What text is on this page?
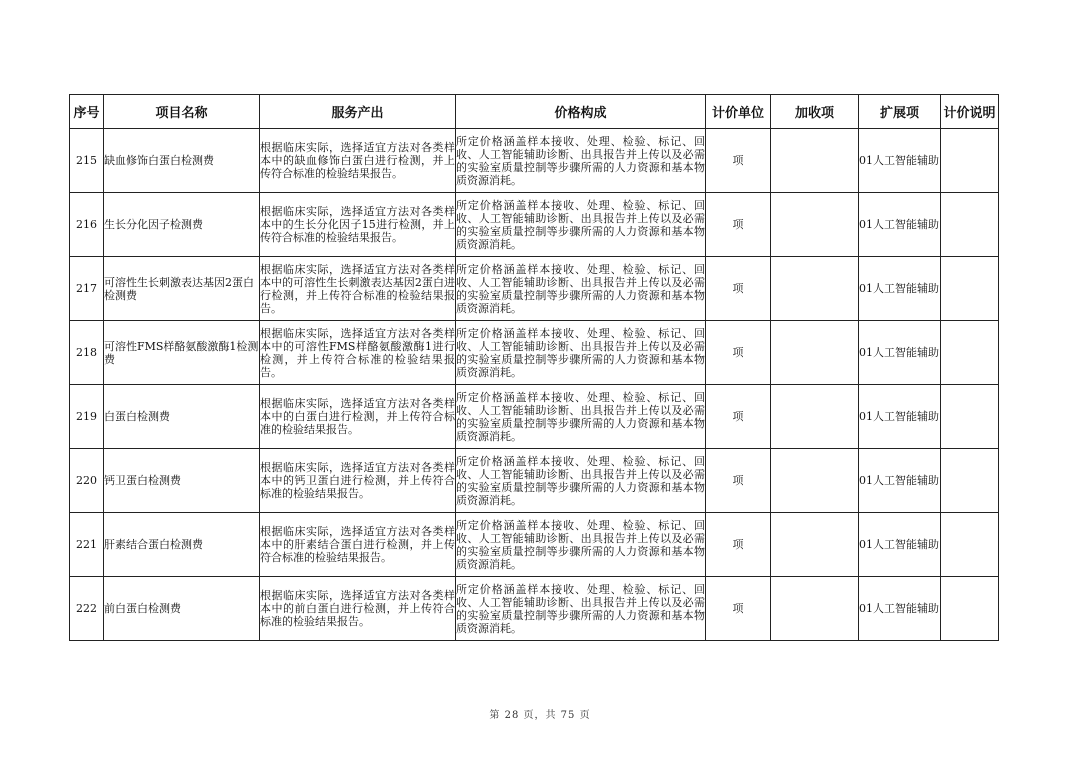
序号	项目名称	服务产出	价格构成	计价单位	加收项	扩展项	计价说明
215	缺血修饰白蛋白检测费	根据临床实际，选择适宜方法对各类样本中的缺血修饰白蛋白进行检测，并上传符合标准的检验结果报告。	所定价格涵盖样本接收、处理、检验、标记、回收、人工智能辅助诊断、出具报告并上传以及必需的实验室质量控制等步骤所需的人力资源和基本物质资源消耗。	项		01人工智能辅助	
216	生长分化因子检测费	根据临床实际，选择适宜方法对各类样本中的生长分化因子15进行检测，并上传符合标准的检验结果报告。	所定价格涵盖样本接收、处理、检验、标记、回收、人工智能辅助诊断、出具报告并上传以及必需的实验室质量控制等步骤所需的人力资源和基本物质资源消耗。	项		01人工智能辅助	
217	可溶性生长刺激表达基因2蛋白检测费	根据临床实际，选择适宜方法对各类样本中的可溶性生长刺激表达基因2蛋白进行检测，并上传符合标准的检验结果报告。	所定价格涵盖样本接收、处理、检验、标记、回收、人工智能辅助诊断、出具报告并上传以及必需的实验室质量控制等步骤所需的人力资源和基本物质资源消耗。	项		01人工智能辅助	
218	可溶性FMS样酪氨酸激酶1检测费	根据临床实际，选择适宜方法对各类样本中的可溶性FMS样酪氨酸激酶1进行检测，并上传符合标准的检验结果报告。	所定价格涵盖样本接收、处理、检验、标记、回收、人工智能辅助诊断、出具报告并上传以及必需的实验室质量控制等步骤所需的人力资源和基本物质资源消耗。	项		01人工智能辅助	
219	白蛋白检测费	根据临床实际，选择适宜方法对各类样本中的白蛋白进行检测，并上传符合标准的检验结果报告。	所定价格涵盖样本接收、处理、检验、标记、回收、人工智能辅助诊断、出具报告并上传以及必需的实验室质量控制等步骤所需的人力资源和基本物质资源消耗。	项		01人工智能辅助	
220	钙卫蛋白检测费	根据临床实际，选择适宜方法对各类样本中的钙卫蛋白进行检测，并上传符合标准的检验结果报告。	所定价格涵盖样本接收、处理、检验、标记、回收、人工智能辅助诊断、出具报告并上传以及必需的实验室质量控制等步骤所需的人力资源和基本物质资源消耗。	项		01人工智能辅助	
221	肝素结合蛋白检测费	根据临床实际，选择适宜方法对各类样本中的肝素结合蛋白进行检测，并上传符合标准的检验结果报告。	所定价格涵盖样本接收、处理、检验、标记、回收、人工智能辅助诊断、出具报告并上传以及必需的实验室质量控制等步骤所需的人力资源和基本物质资源消耗。	项		01人工智能辅助	
222	前白蛋白检测费	根据临床实际，选择适宜方法对各类样本中的前白蛋白进行检测，并上传符合标准的检验结果报告。	所定价格涵盖样本接收、处理、检验、标记、回收、人工智能辅助诊断、出具报告并上传以及必需的实验室质量控制等步骤所需的人力资源和基本物质资源消耗。	项		01人工智能辅助	
第 28 页，共 75 页
